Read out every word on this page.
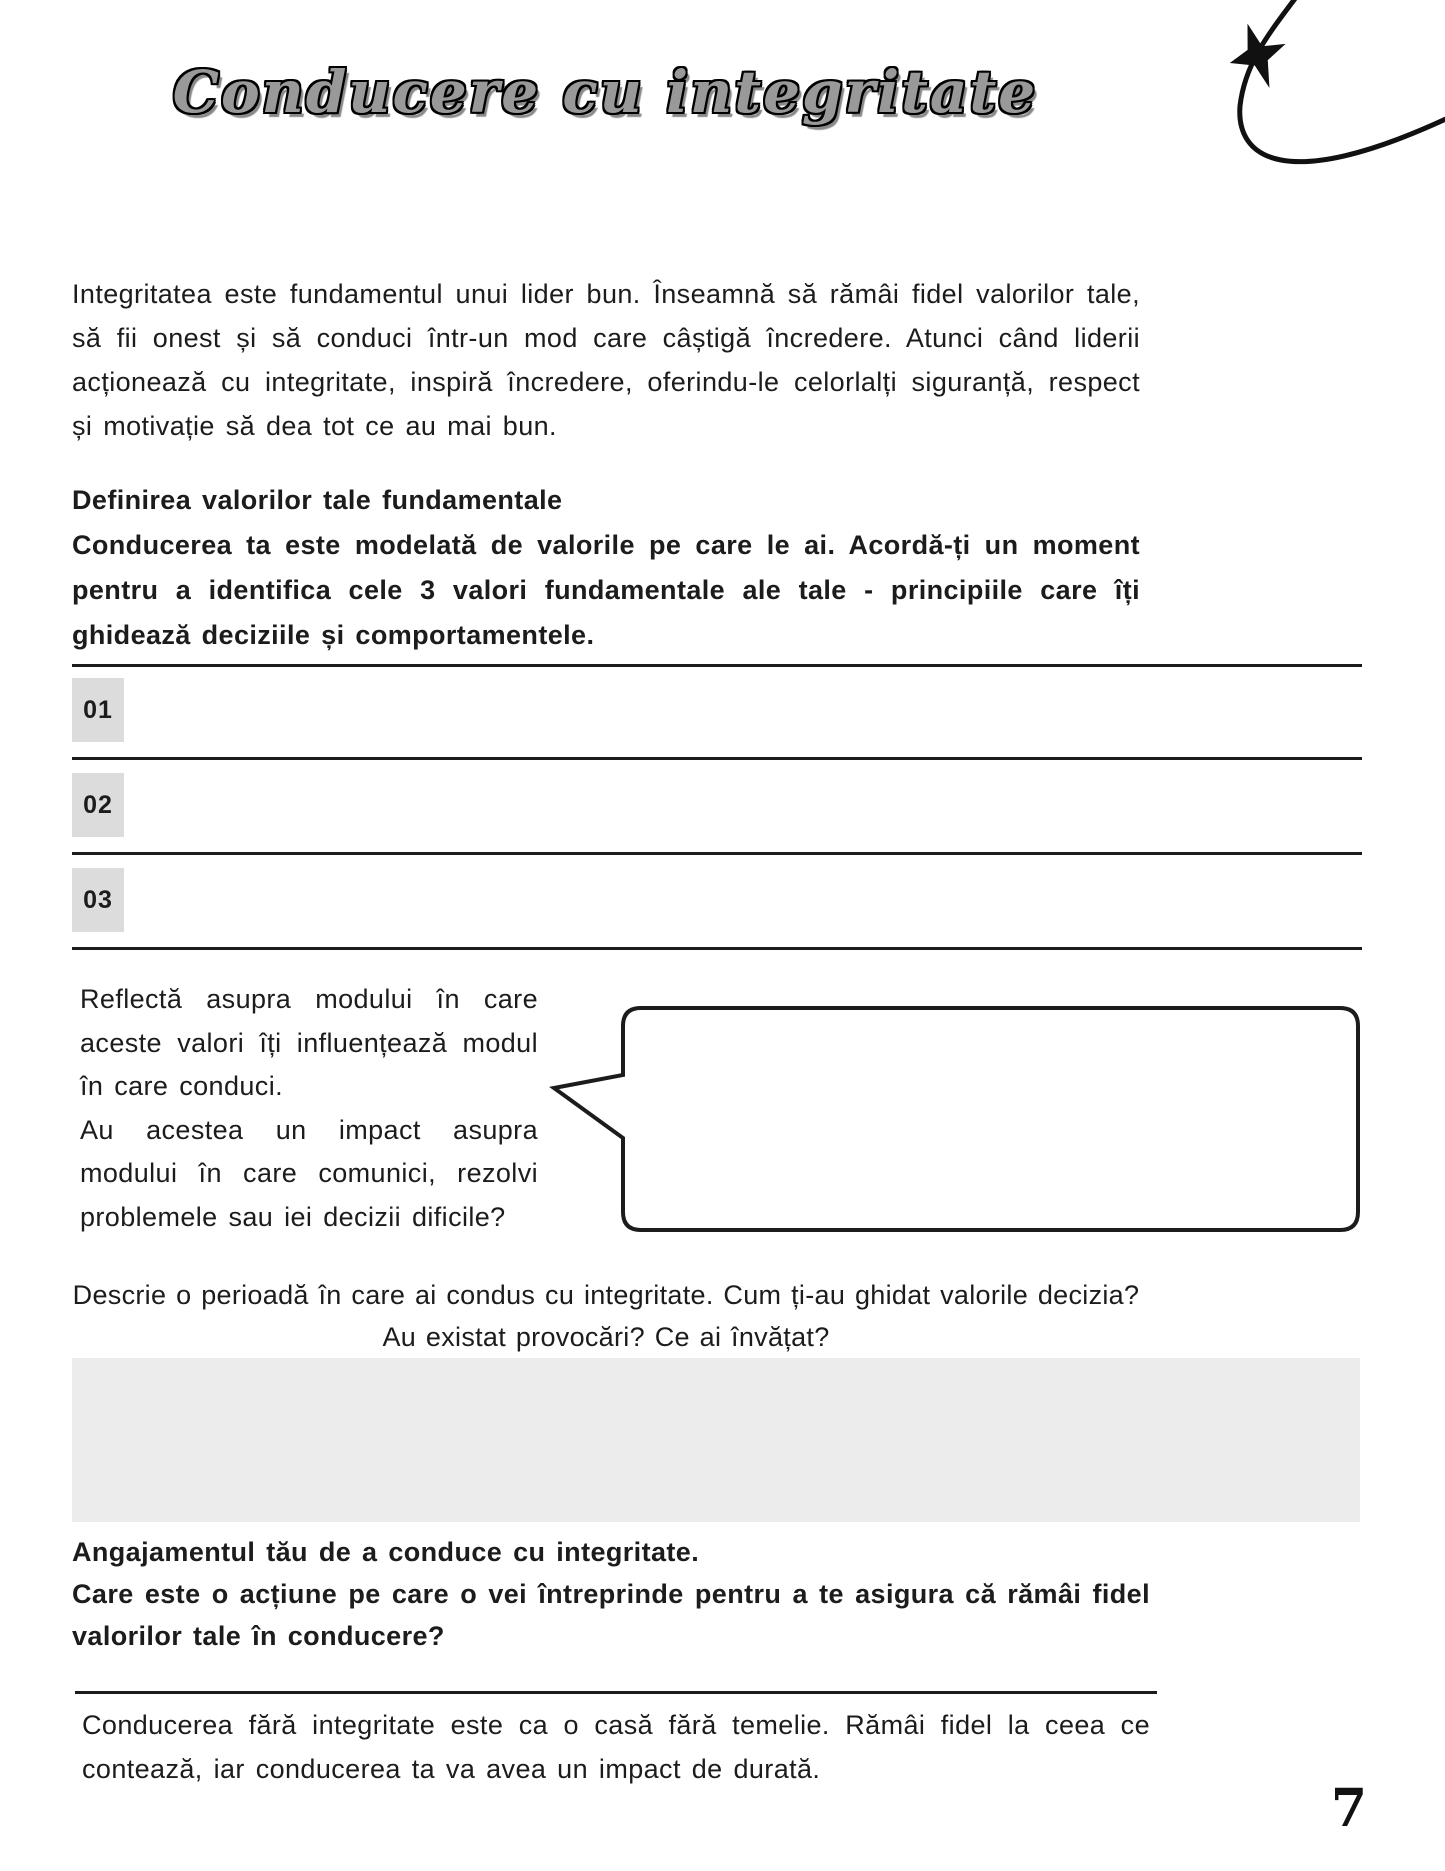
Conducere cu integritate

Integritatea este fundamentul unui lider bun. Înseamnă să rămâi fidel valorilor tale, să fii onest și să conduci într-un mod care câștigă încredere. Atunci când liderii acționează cu integritate, inspiră încredere, oferindu-le celorlalți siguranță, respect și motivație să dea tot ce au mai bun.

Definirea valorilor tale fundamentale

Conducerea ta este modelată de valorile pe care le ai. Acordă-ți un moment pentru a identifica cele 3 valori fundamentale ale tale - principiile care îți ghidează deciziile și comportamentele.

01
02
03

Reflectă asupra modului în care aceste valori îți influențează modul în care conduci.

Au acestea un impact asupra modului în care comunici, rezolvi problemele sau iei decizii dificile?

Descrie o perioadă în care ai condus cu integritate. Cum ți-au ghidat valorile decizia? Au existat provocări? Ce ai învățat?

Angajamentul tău de a conduce cu integritate.

Care este o acțiune pe care o vei întreprinde pentru a te asigura că rămâi fidel valorilor tale în conducere?

Conducerea fără integritate este ca o casă fără temelie. Rămâi fidel la ceea ce contează, iar conducerea ta va avea un impact de durată.

7
